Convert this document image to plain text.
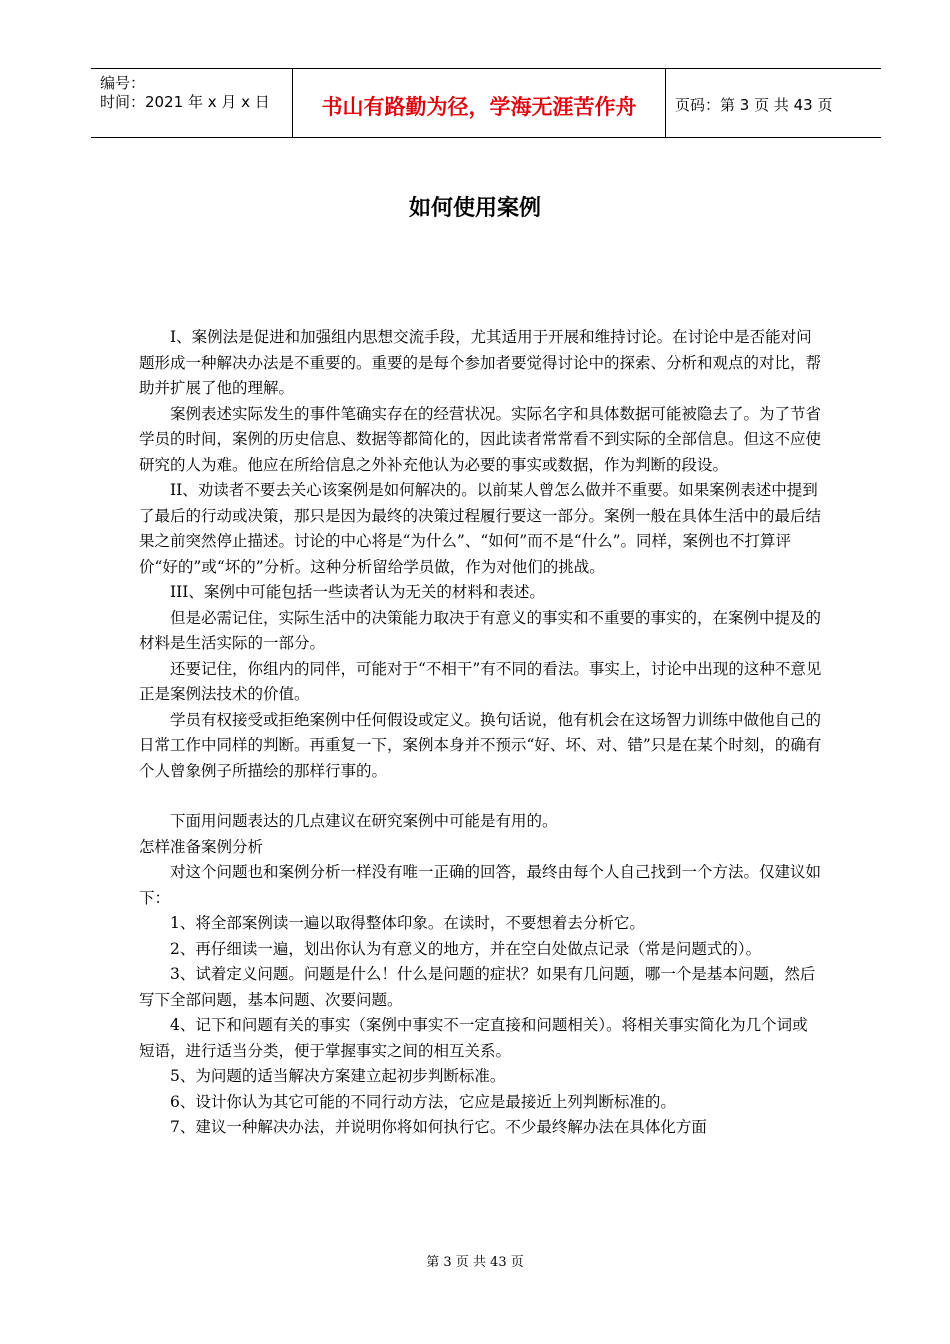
编号：
时间：2021 年 x 月 x 日	书山有路勤为径，学海无涯苦作舟	页码：第 3 页 共 43 页
如何使用案例

I、案例法是促进和加强组内思想交流手段，尤其适用于开展和维持讨论。在讨论中是否能对问题形成一种解决办法是不重要的。重要的是每个参加者要觉得讨论中的探索、分析和观点的对比，帮助并扩展了他的理解。

案例表述实际发生的事件笔确实存在的经营状况。实际名字和具体数据可能被隐去了。为了节省学员的时间，案例的历史信息、数据等都简化的，因此读者常常看不到实际的全部信息。但这不应使研究的人为难。他应在所给信息之外补充他认为必要的事实或数据，作为判断的段设。

II、劝读者不要去关心该案例是如何解决的。以前某人曾怎么做并不重要。如果案例表述中提到了最后的行动或决策，那只是因为最终的决策过程履行要这一部分。案例一般在具体生活中的最后结果之前突然停止描述。讨论的中心将是“为什么”、“如何”而不是“什么”。同样，案例也不打算评价“好的”或“坏的”分析。这种分析留给学员做，作为对他们的挑战。

III、案例中可能包括一些读者认为无关的材料和表述。

但是必需记住，实际生活中的决策能力取决于有意义的事实和不重要的事实的，在案例中提及的材料是生活实际的一部分。

还要记住，你组内的同伴，可能对于“不相干”有不同的看法。事实上，讨论中出现的这种不意见正是案例法技术的价值。

学员有权接受或拒绝案例中任何假设或定义。换句话说，他有机会在这场智力训练中做他自己的日常工作中同样的判断。再重复一下，案例本身并不预示“好、坏、对、错”只是在某个时刻，的确有个人曾象例子所描绘的那样行事的。

下面用问题表达的几点建议在研究案例中可能是有用的。

怎样准备案例分析

对这个问题也和案例分析一样没有唯一正确的回答，最终由每个人自己找到一个方法。仅建议如下：

1、将全部案例读一遍以取得整体印象。在读时，不要想着去分析它。

2、再仔细读一遍，划出你认为有意义的地方，并在空白处做点记录（常是问题式的）。

3、试着定义问题。问题是什么！什么是问题的症状？如果有几问题，哪一个是基本问题，然后写下全部问题，基本问题、次要问题。

4、记下和问题有关的事实（案例中事实不一定直接和问题相关）。将相关事实简化为几个词或短语，进行适当分类，便于掌握事实之间的相互关系。

5、为问题的适当解决方案建立起初步判断标准。

6、设计你认为其它可能的不同行动方法，它应是最接近上列判断标准的。

7、建议一种解决办法，并说明你将如何执行它。不少最终解办法在具体化方面

第 3 页 共 43 页
